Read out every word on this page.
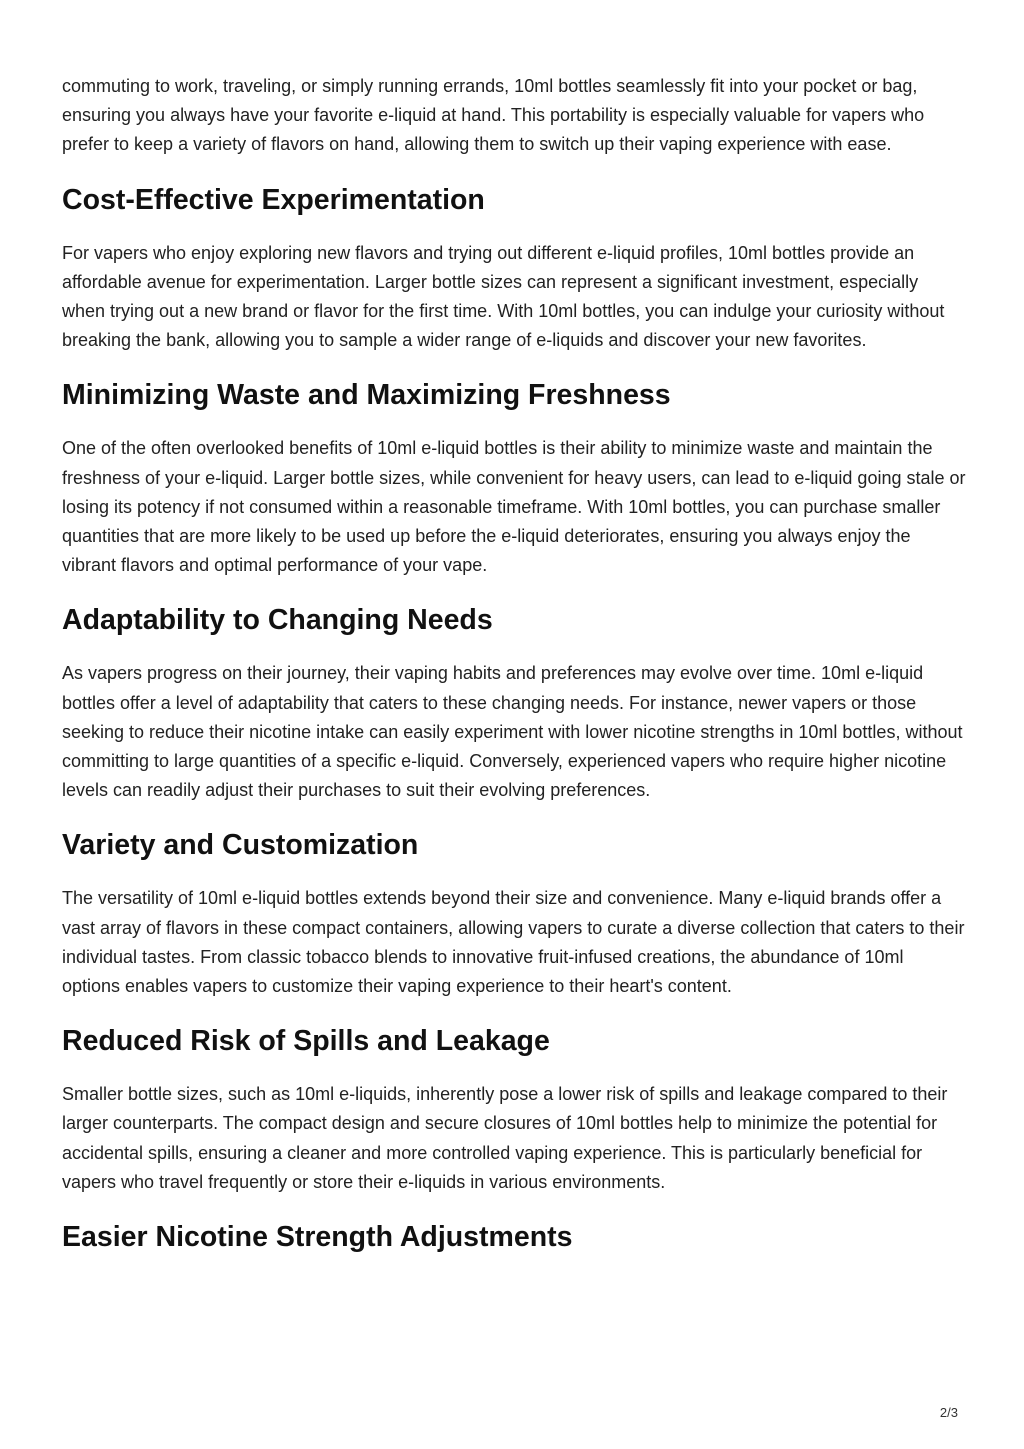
commuting to work, traveling, or simply running errands, 10ml bottles seamlessly fit into your pocket or bag, ensuring you always have your favorite e-liquid at hand. This portability is especially valuable for vapers who prefer to keep a variety of flavors on hand, allowing them to switch up their vaping experience with ease.

Cost-Effective Experimentation

For vapers who enjoy exploring new flavors and trying out different e-liquid profiles, 10ml bottles provide an affordable avenue for experimentation. Larger bottle sizes can represent a significant investment, especially when trying out a new brand or flavor for the first time. With 10ml bottles, you can indulge your curiosity without breaking the bank, allowing you to sample a wider range of e-liquids and discover your new favorites.

Minimizing Waste and Maximizing Freshness

One of the often overlooked benefits of 10ml e-liquid bottles is their ability to minimize waste and maintain the freshness of your e-liquid. Larger bottle sizes, while convenient for heavy users, can lead to e-liquid going stale or losing its potency if not consumed within a reasonable timeframe. With 10ml bottles, you can purchase smaller quantities that are more likely to be used up before the e-liquid deteriorates, ensuring you always enjoy the vibrant flavors and optimal performance of your vape.

Adaptability to Changing Needs

As vapers progress on their journey, their vaping habits and preferences may evolve over time. 10ml e-liquid bottles offer a level of adaptability that caters to these changing needs. For instance, newer vapers or those seeking to reduce their nicotine intake can easily experiment with lower nicotine strengths in 10ml bottles, without committing to large quantities of a specific e-liquid. Conversely, experienced vapers who require higher nicotine levels can readily adjust their purchases to suit their evolving preferences.

Variety and Customization

The versatility of 10ml e-liquid bottles extends beyond their size and convenience. Many e-liquid brands offer a vast array of flavors in these compact containers, allowing vapers to curate a diverse collection that caters to their individual tastes. From classic tobacco blends to innovative fruit-infused creations, the abundance of 10ml options enables vapers to customize their vaping experience to their heart's content.

Reduced Risk of Spills and Leakage

Smaller bottle sizes, such as 10ml e-liquids, inherently pose a lower risk of spills and leakage compared to their larger counterparts. The compact design and secure closures of 10ml bottles help to minimize the potential for accidental spills, ensuring a cleaner and more controlled vaping experience. This is particularly beneficial for vapers who travel frequently or store their e-liquids in various environments.

Easier Nicotine Strength Adjustments
2/3
